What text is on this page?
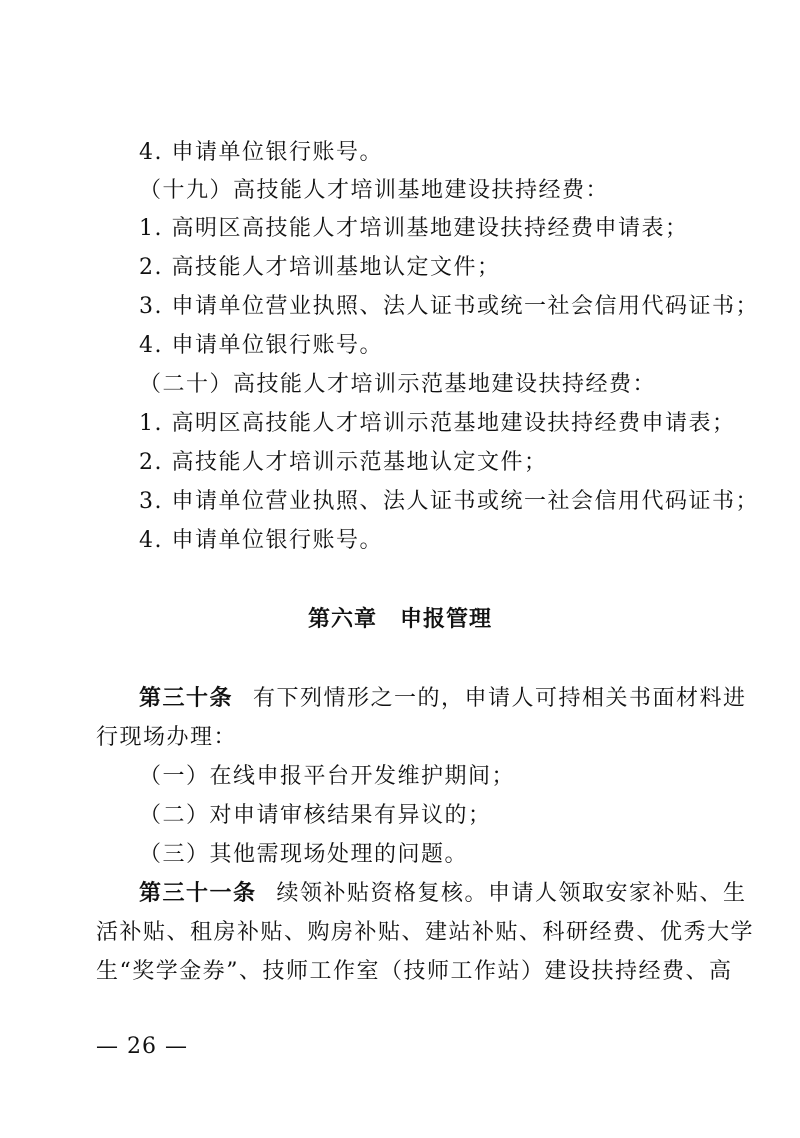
4. 申请单位银行账号。
（十九）高技能人才培训基地建设扶持经费：
1. 高明区高技能人才培训基地建设扶持经费申请表；
2. 高技能人才培训基地认定文件；
3. 申请单位营业执照、法人证书或统一社会信用代码证书；
4. 申请单位银行账号。
（二十）高技能人才培训示范基地建设扶持经费：
1. 高明区高技能人才培训示范基地建设扶持经费申请表；
2. 高技能人才培训示范基地认定文件；
3. 申请单位营业执照、法人证书或统一社会信用代码证书；
4. 申请单位银行账号。
第六章　申报管理
第三十条 有下列情形之一的，申请人可持相关书面材料进
行现场办理：
（一）在线申报平台开发维护期间；
（二）对申请审核结果有异议的；
（三）其他需现场处理的问题。
第三十一条 续领补贴资格复核。申请人领取安家补贴、生
活补贴、租房补贴、购房补贴、建站补贴、科研经费、优秀大学
生“奖学金券”、技师工作室（技师工作站）建设扶持经费、高
— 26 —
